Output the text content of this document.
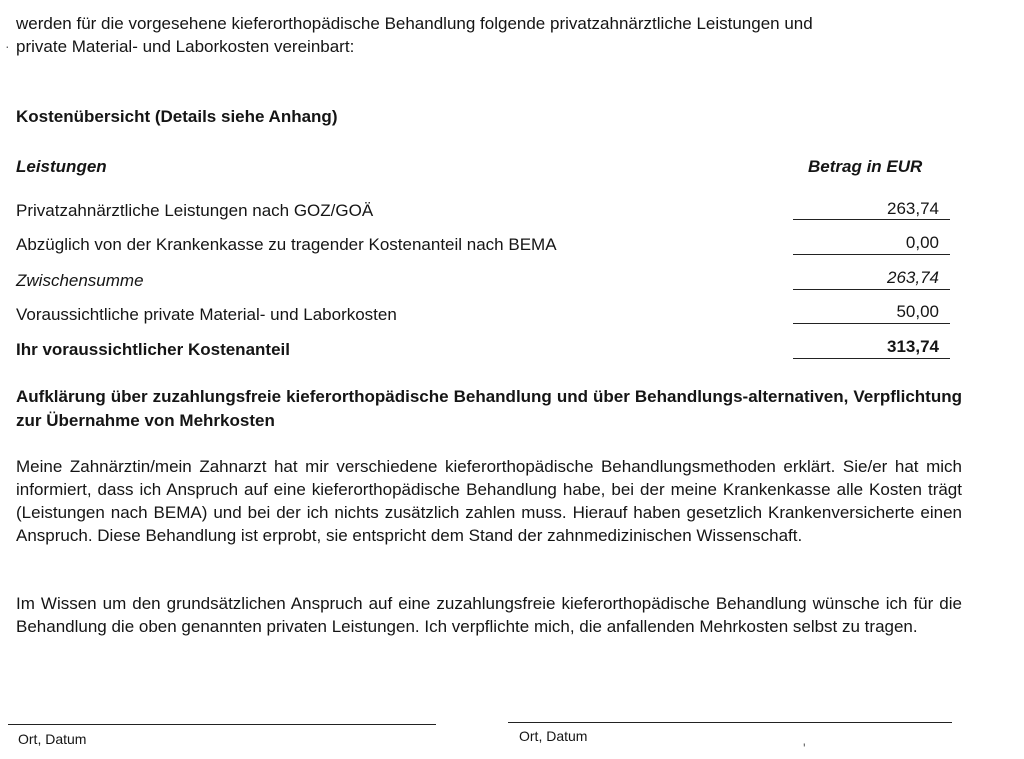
werden für die vorgesehene kieferorthopädische Behandlung folgende privatzahnärztliche Leistungen und
private Material- und Laborkosten vereinbart:
·
Kostenübersicht (Details siehe Anhang)
Leistungen	Betrag in EUR
Privatzahnärztliche Leistungen nach GOZ/GOÄ	263,74
Abzüglich von der Krankenkasse zu tragender Kostenanteil nach BEMA	0,00
Zwischensumme	263,74
Voraussichtliche private Material- und Laborkosten	50,00
Ihr voraussichtlicher Kostenanteil	313,74
Aufklärung über zuzahlungsfreie kieferorthopädische Behandlung und über Behandlungs-alternativen, Verpflichtung zur Übernahme von Mehrkosten
Meine Zahnärztin/mein Zahnarzt hat mir verschiedene kieferorthopädische Behandlungsmethoden erklärt. Sie/er hat mich informiert, dass ich Anspruch auf eine kieferorthopädische Behandlung habe, bei der meine Krankenkasse alle Kosten trägt (Leistungen nach BEMA) und bei der ich nichts zusätzlich zahlen muss. Hierauf haben gesetzlich Krankenversicherte einen Anspruch. Diese Behandlung ist erprobt, sie entspricht dem Stand der zahnmedizinischen Wissenschaft.
Im Wissen um den grundsätzlichen Anspruch auf eine zuzahlungsfreie kieferorthopädische Behandlung wünsche ich für die Behandlung die oben genannten privaten Leistungen. Ich verpflichte mich, die anfallenden Mehrkosten selbst zu tragen.
Ort, Datum	Ort, Datum
'
